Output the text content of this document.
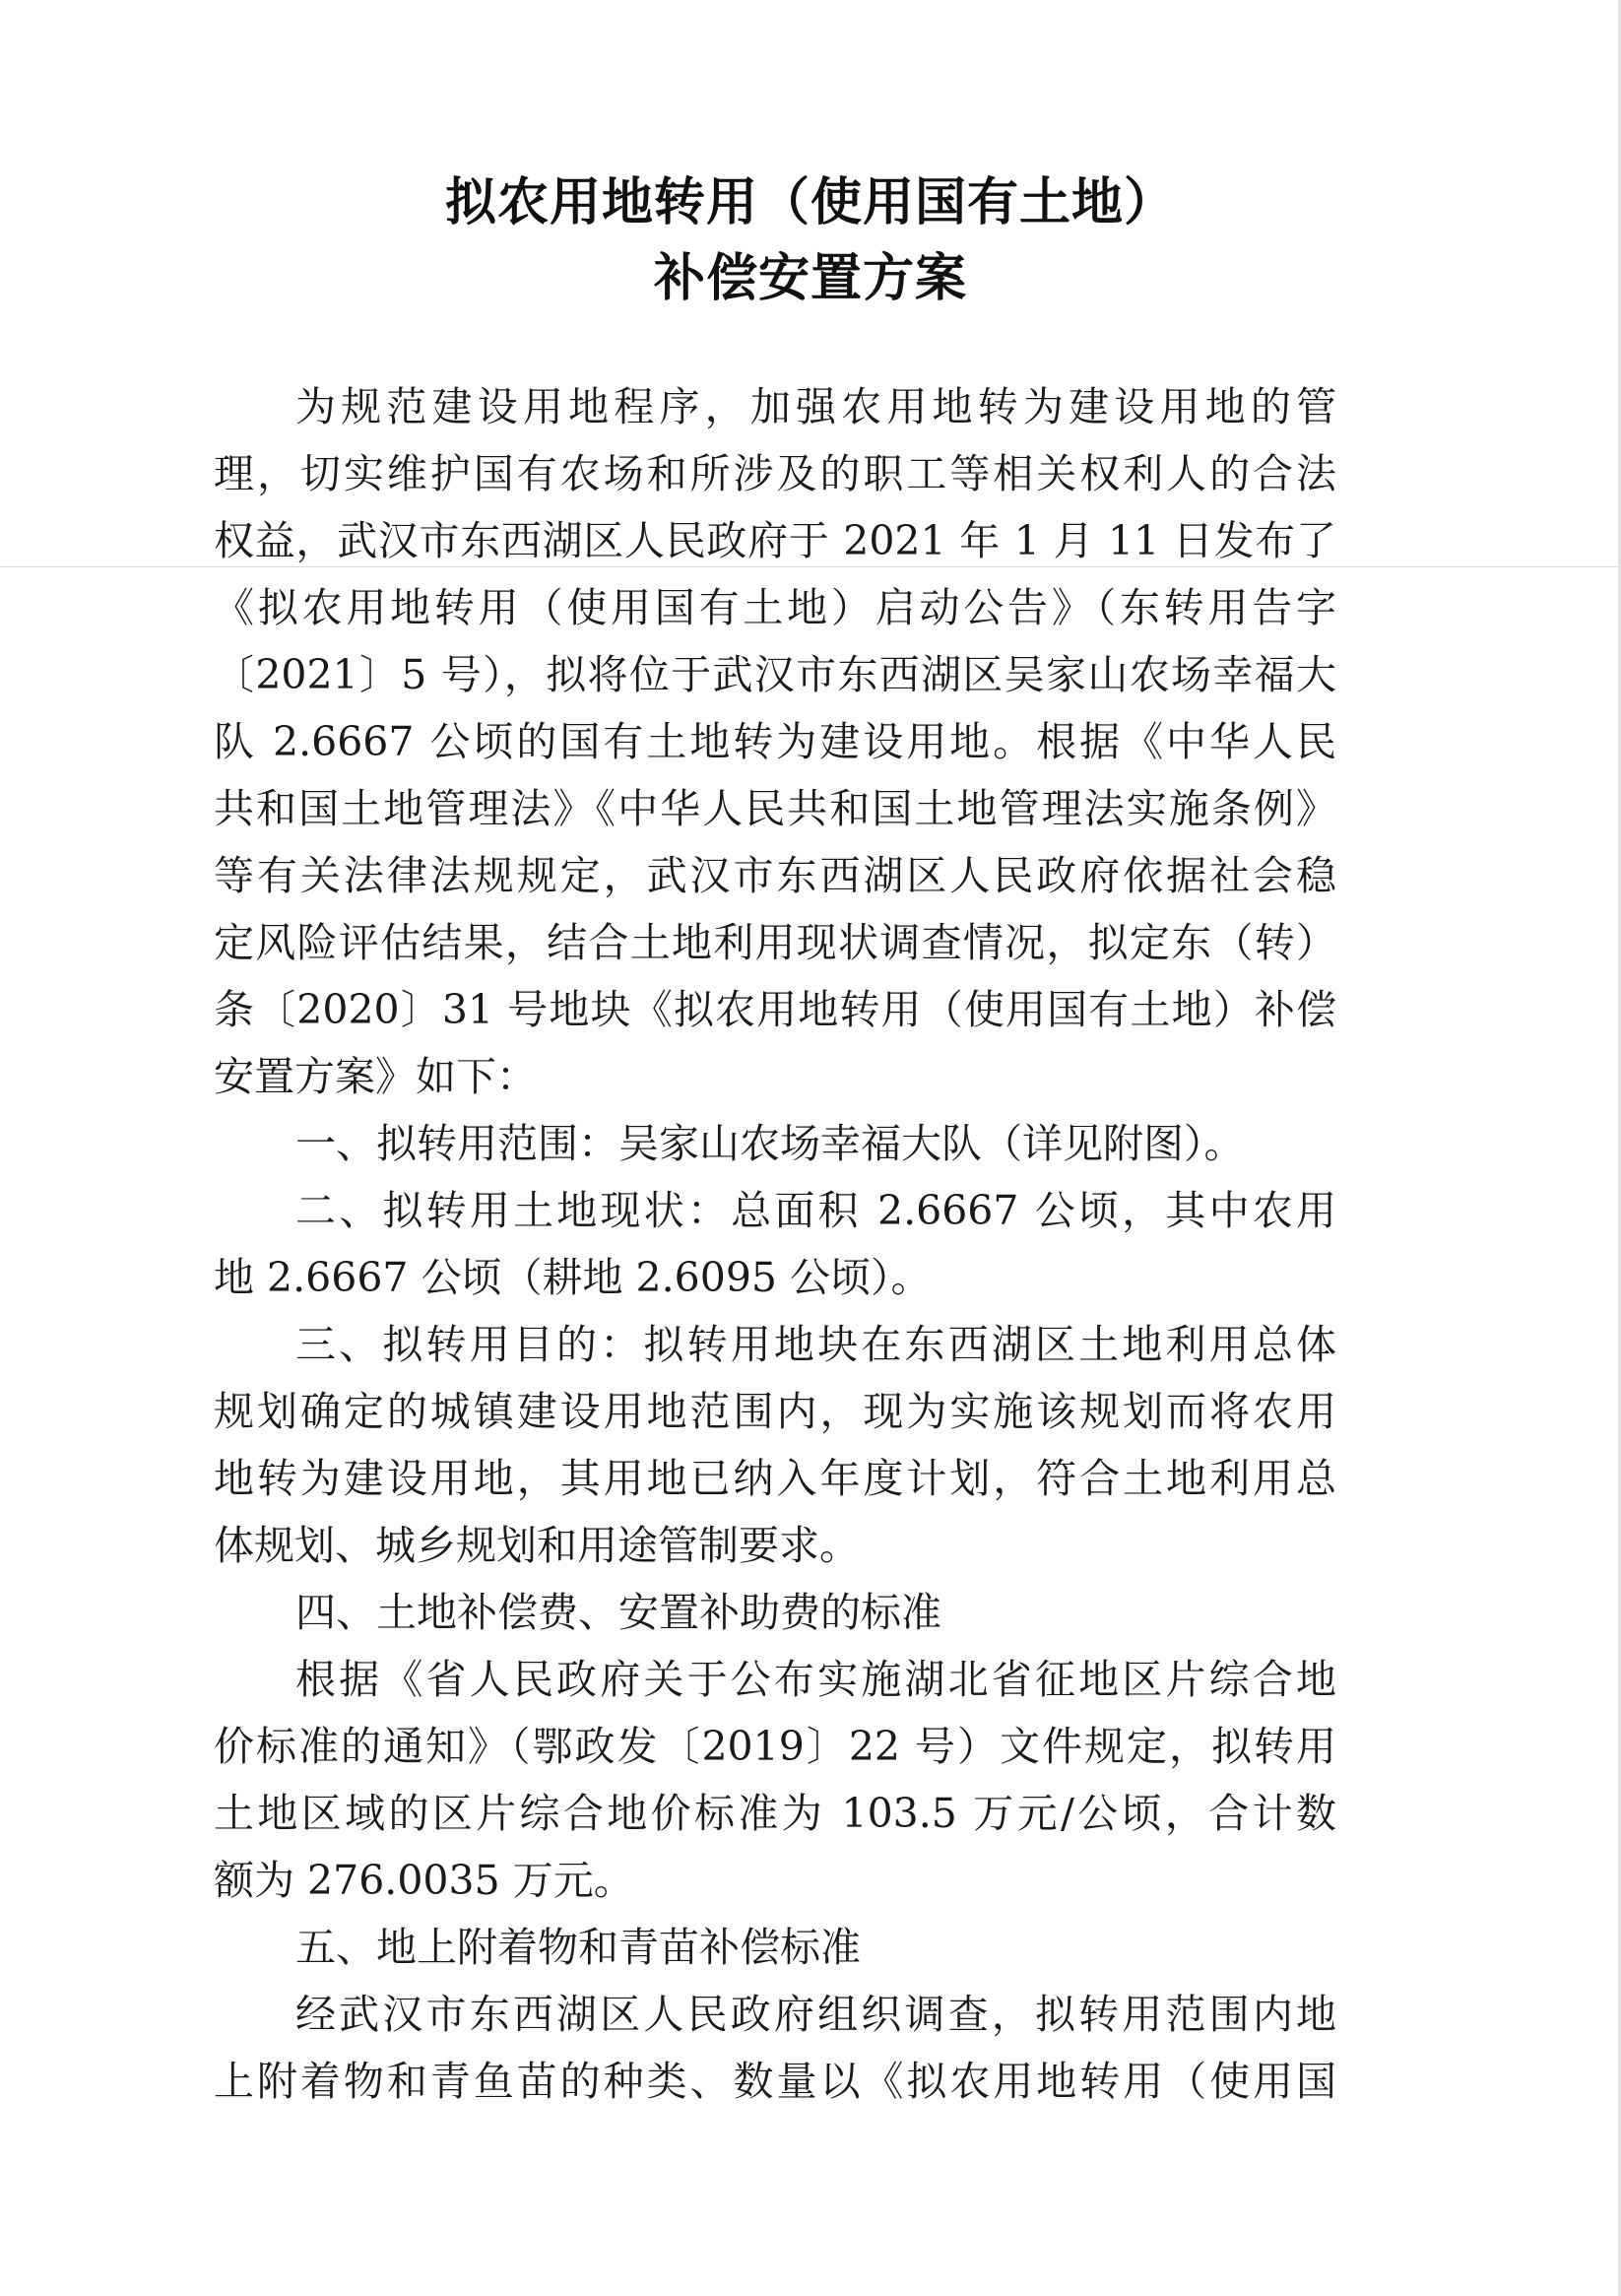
拟农用地转用（使用国有土地）
补偿安置方案
为规范建设用地程序，加强农用地转为建设用地的管
理，切实维护国有农场和所涉及的职工等相关权利人的合法
权益，武汉市东西湖区人民政府于 2021 年 1 月 11 日发布了
《拟农用地转用（使用国有土地）启动公告》（东转用告字
〔2021〕5 号），拟将位于武汉市东西湖区吴家山农场幸福大
队 2.6667 公顷的国有土地转为建设用地。根据《中华人民
共和国土地管理法》《中华人民共和国土地管理法实施条例》
等有关法律法规规定，武汉市东西湖区人民政府依据社会稳
定风险评估结果，结合土地利用现状调查情况，拟定东（转）
条〔2020〕31 号地块《拟农用地转用（使用国有土地）补偿
安置方案》如下：
一、拟转用范围：吴家山农场幸福大队（详见附图）。
二、拟转用土地现状：总面积 2.6667 公顷，其中农用
地 2.6667 公顷（耕地 2.6095 公顷）。
三、拟转用目的：拟转用地块在东西湖区土地利用总体
规划确定的城镇建设用地范围内，现为实施该规划而将农用
地转为建设用地，其用地已纳入年度计划，符合土地利用总
体规划、城乡规划和用途管制要求。
四、土地补偿费、安置补助费的标准
根据《省人民政府关于公布实施湖北省征地区片综合地
价标准的通知》（鄂政发〔2019〕22 号）文件规定，拟转用
土地区域的区片综合地价标准为 103.5 万元/公顷，合计数
额为 276.0035 万元。
五、地上附着物和青苗补偿标准
经武汉市东西湖区人民政府组织调查，拟转用范围内地
上附着物和青鱼苗的种类、数量以《拟农用地转用（使用国
